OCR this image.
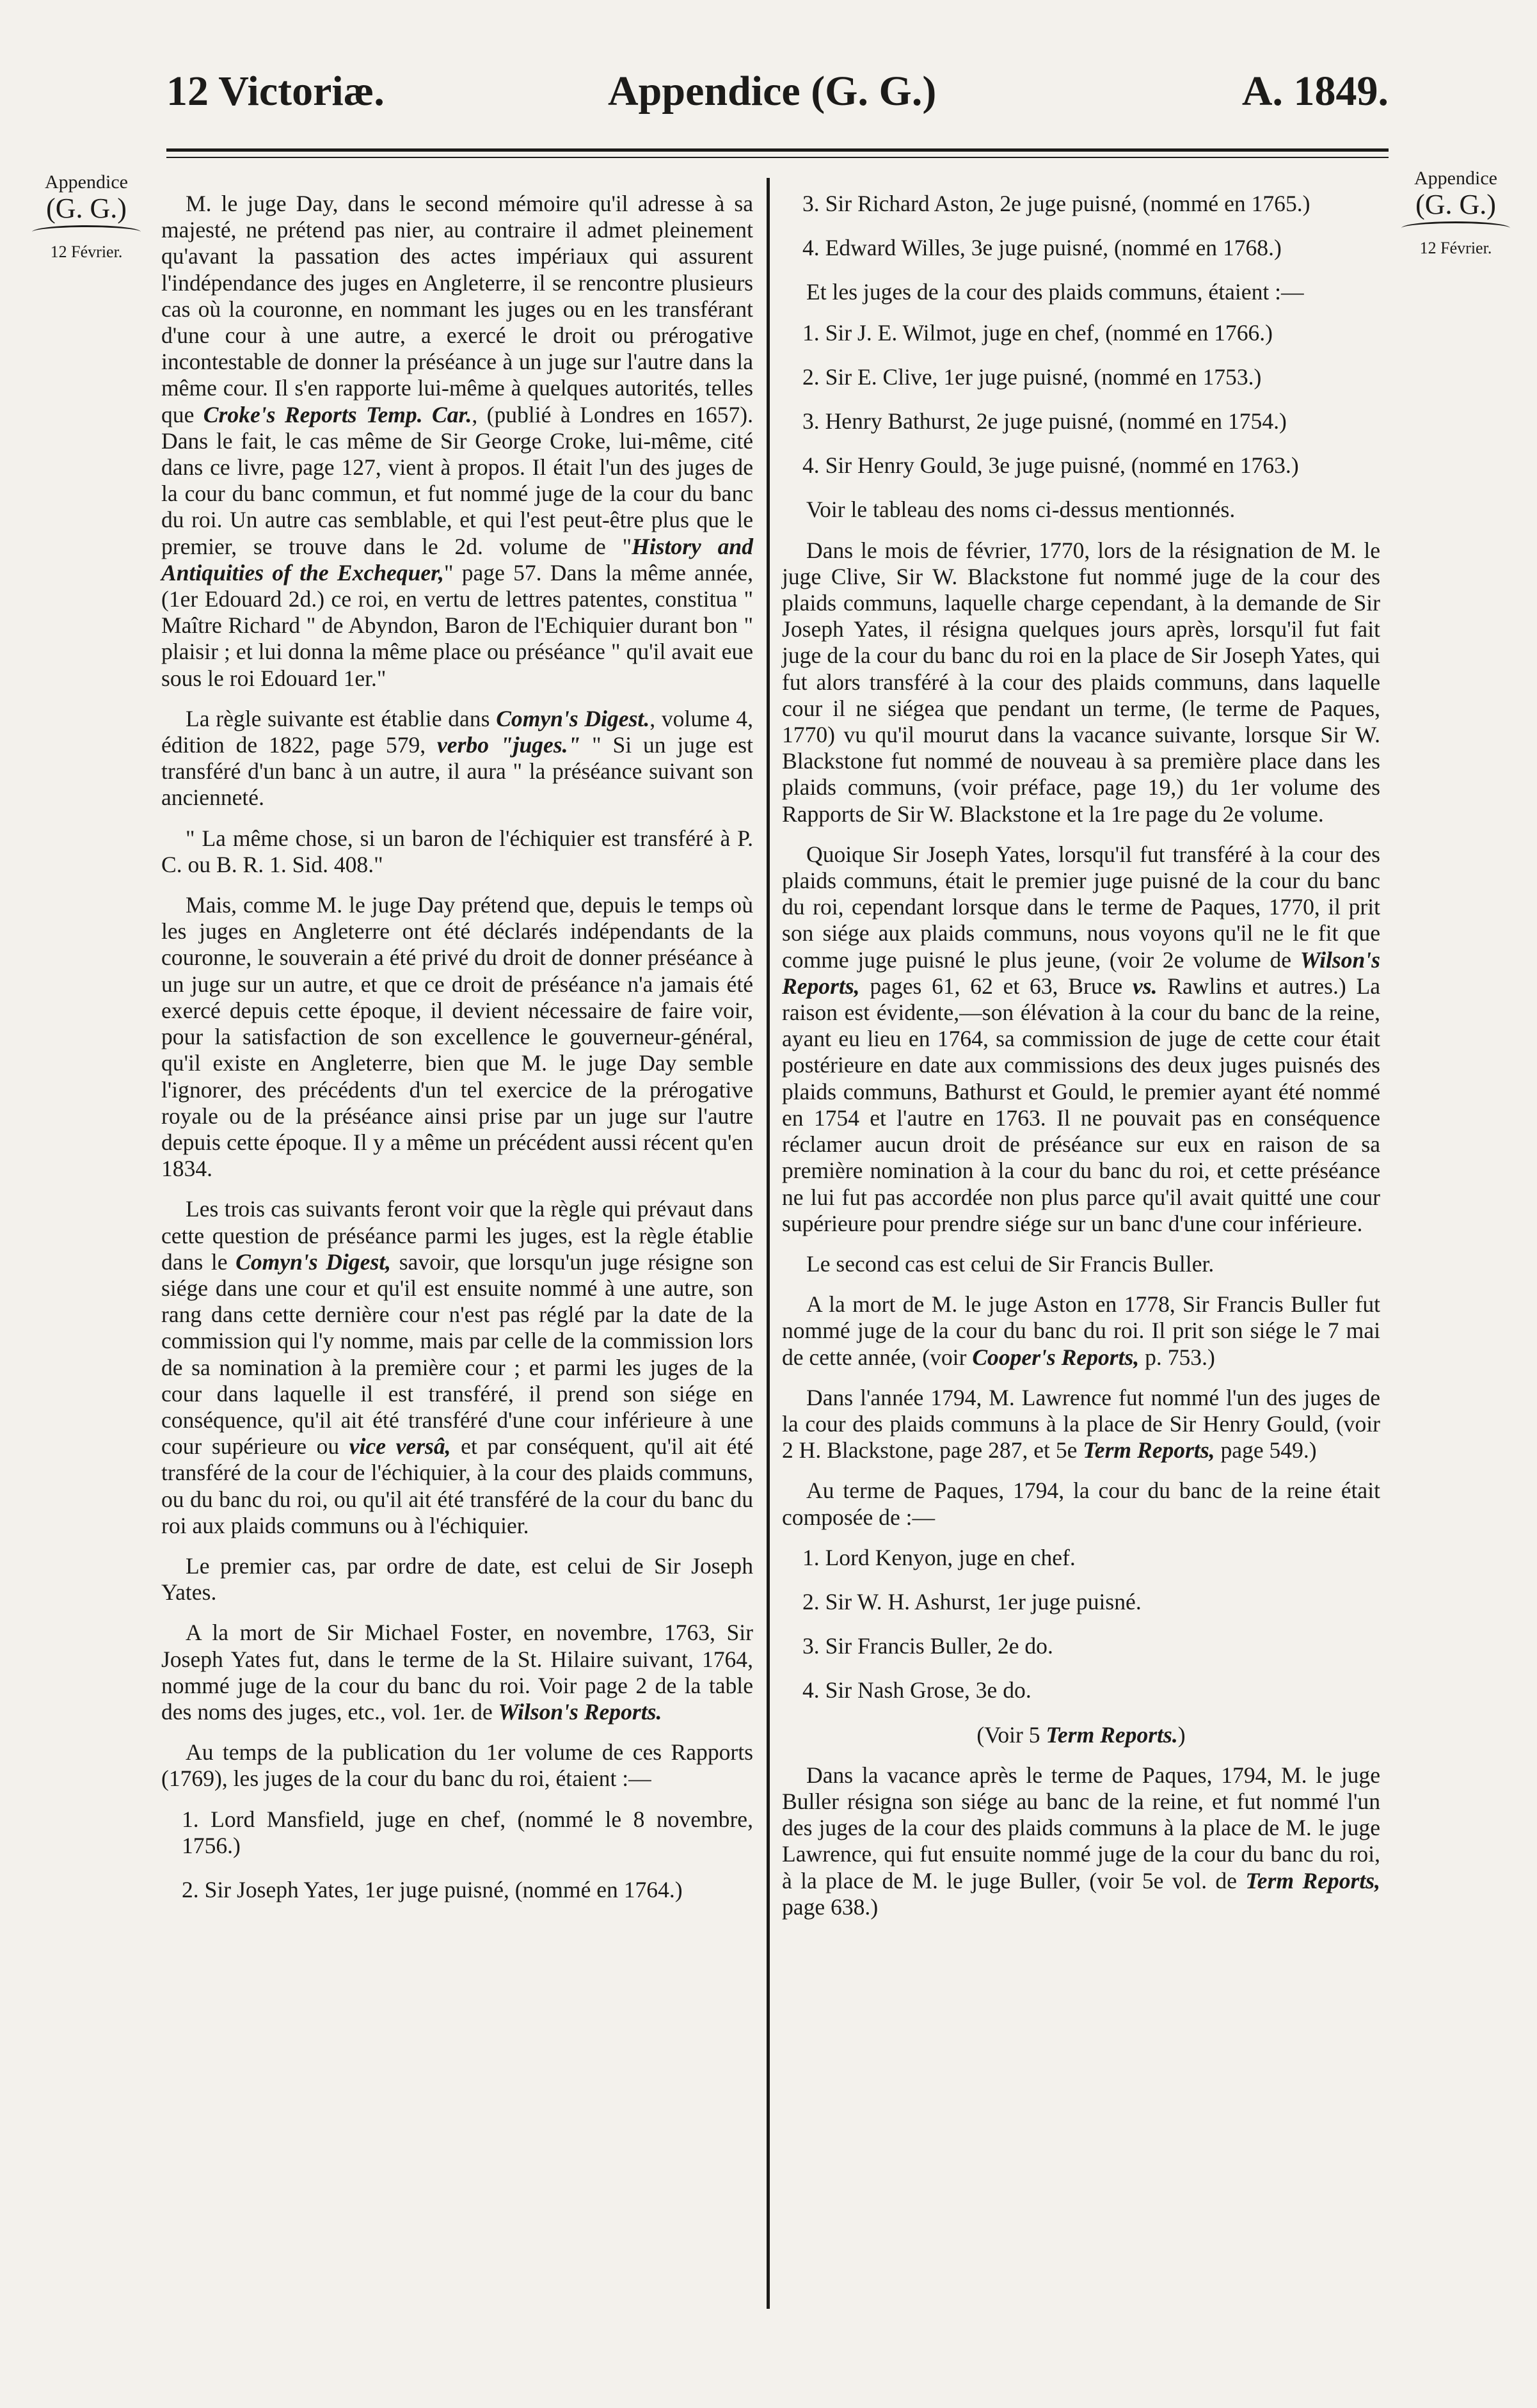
12 Victoriæ.	Appendice (G. G.)	A. 1849.
Appendice
(G. G.)
12 Février.
Appendice
(G. G.)
12 Février.

M. le juge Day, dans le second mémoire qu'il adresse à sa majesté, ne prétend pas nier, au contraire il admet pleinement qu'avant la passation des actes impériaux qui assurent l'indépendance des juges en Angleterre, il se rencontre plusieurs cas où la couronne, en nommant les juges ou en les transférant d'une cour à une autre, a exercé le droit ou prérogative incontestable de donner la préséance à un juge sur l'autre dans la même cour. Il s'en rapporte lui-même à quelques autorités, telles que Croke's Reports Temp. Car., (publié à Londres en 1657). Dans le fait, le cas même de Sir George Croke, lui-même, cité dans ce livre, page 127, vient à propos. Il était l'un des juges de la cour du banc commun, et fut nommé juge de la cour du banc du roi. Un autre cas semblable, et qui l'est peut-être plus que le premier, se trouve dans le 2d. volume de "History and Antiquities of the Exchequer," page 57. Dans la même année, (1er Edouard 2d.) ce roi, en vertu de lettres patentes, constitua " Maître Richard " de Abyndon, Baron de l'Echiquier durant bon " plaisir ; et lui donna la même place ou préséance " qu'il avait eue sous le roi Edouard 1er."

La règle suivante est établie dans Comyn's Digest., volume 4, édition de 1822, page 579, verbo "juges." " Si un juge est transféré d'un banc à un autre, il aura " la préséance suivant son ancienneté.

" La même chose, si un baron de l'échiquier est transféré à P. C. ou B. R. 1. Sid. 408."

Mais, comme M. le juge Day prétend que, depuis le temps où les juges en Angleterre ont été déclarés indépendants de la couronne, le souverain a été privé du droit de donner préséance à un juge sur un autre, et que ce droit de préséance n'a jamais été exercé depuis cette époque, il devient nécessaire de faire voir, pour la satisfaction de son excellence le gouverneur-général, qu'il existe en Angleterre, bien que M. le juge Day semble l'ignorer, des précédents d'un tel exercice de la prérogative royale ou de la préséance ainsi prise par un juge sur l'autre depuis cette époque. Il y a même un précédent aussi récent qu'en 1834.

Les trois cas suivants feront voir que la règle qui prévaut dans cette question de préséance parmi les juges, est la règle établie dans le Comyn's Digest, savoir, que lorsqu'un juge résigne son siége dans une cour et qu'il est ensuite nommé à une autre, son rang dans cette dernière cour n'est pas réglé par la date de la commission qui l'y nomme, mais par celle de la commission lors de sa nomination à la première cour ; et parmi les juges de la cour dans laquelle il est transféré, il prend son siége en conséquence, qu'il ait été transféré d'une cour inférieure à une cour supérieure ou vice versâ, et par conséquent, qu'il ait été transféré de la cour de l'échiquier, à la cour des plaids communs, ou du banc du roi, ou qu'il ait été transféré de la cour du banc du roi aux plaids communs ou à l'échiquier.

Le premier cas, par ordre de date, est celui de Sir Joseph Yates.

A la mort de Sir Michael Foster, en novembre, 1763, Sir Joseph Yates fut, dans le terme de la St. Hilaire suivant, 1764, nommé juge de la cour du banc du roi. Voir page 2 de la table des noms des juges, etc., vol. 1er. de Wilson's Reports.

Au temps de la publication du 1er volume de ces Rapports (1769), les juges de la cour du banc du roi, étaient :—

1. Lord Mansfield, juge en chef, (nommé le 8 novembre, 1756.)

2. Sir Joseph Yates, 1er juge puisné, (nommé en 1764.)

3. Sir Richard Aston, 2e juge puisné, (nommé en 1765.)

4. Edward Willes, 3e juge puisné, (nommé en 1768.)

Et les juges de la cour des plaids communs, étaient :—

1. Sir J. E. Wilmot, juge en chef, (nommé en 1766.)

2. Sir E. Clive, 1er juge puisné, (nommé en 1753.)

3. Henry Bathurst, 2e juge puisné, (nommé en 1754.)

4. Sir Henry Gould, 3e juge puisné, (nommé en 1763.)

Voir le tableau des noms ci-dessus mentionnés.

Dans le mois de février, 1770, lors de la résignation de M. le juge Clive, Sir W. Blackstone fut nommé juge de la cour des plaids communs, laquelle charge cependant, à la demande de Sir Joseph Yates, il résigna quelques jours après, lorsqu'il fut fait juge de la cour du banc du roi en la place de Sir Joseph Yates, qui fut alors transféré à la cour des plaids communs, dans laquelle cour il ne siégea que pendant un terme, (le terme de Paques, 1770) vu qu'il mourut dans la vacance suivante, lorsque Sir W. Blackstone fut nommé de nouveau à sa première place dans les plaids communs, (voir préface, page 19,) du 1er volume des Rapports de Sir W. Blackstone et la 1re page du 2e volume.

Quoique Sir Joseph Yates, lorsqu'il fut transféré à la cour des plaids communs, était le premier juge puisné de la cour du banc du roi, cependant lorsque dans le terme de Paques, 1770, il prit son siége aux plaids communs, nous voyons qu'il ne le fit que comme juge puisné le plus jeune, (voir 2e volume de Wilson's Reports, pages 61, 62 et 63, Bruce vs. Rawlins et autres.) La raison est évidente,—son élévation à la cour du banc de la reine, ayant eu lieu en 1764, sa commission de juge de cette cour était postérieure en date aux commissions des deux juges puisnés des plaids communs, Bathurst et Gould, le premier ayant été nommé en 1754 et l'autre en 1763. Il ne pouvait pas en conséquence réclamer aucun droit de préséance sur eux en raison de sa première nomination à la cour du banc du roi, et cette préséance ne lui fut pas accordée non plus parce qu'il avait quitté une cour supérieure pour prendre siége sur un banc d'une cour inférieure.

Le second cas est celui de Sir Francis Buller.

A la mort de M. le juge Aston en 1778, Sir Francis Buller fut nommé juge de la cour du banc du roi. Il prit son siége le 7 mai de cette année, (voir Cooper's Reports, p. 753.)

Dans l'année 1794, M. Lawrence fut nommé l'un des juges de la cour des plaids communs à la place de Sir Henry Gould, (voir 2 H. Blackstone, page 287, et 5e Term Reports, page 549.)

Au terme de Paques, 1794, la cour du banc de la reine était composée de :—

1. Lord Kenyon, juge en chef.

2. Sir W. H. Ashurst, 1er juge puisné.

3. Sir Francis Buller, 2e do.

4. Sir Nash Grose, 3e do.

(Voir 5 Term Reports.)

Dans la vacance après le terme de Paques, 1794, M. le juge Buller résigna son siége au banc de la reine, et fut nommé l'un des juges de la cour des plaids communs à la place de M. le juge Lawrence, qui fut ensuite nommé juge de la cour du banc du roi, à la place de M. le juge Buller, (voir 5e vol. de Term Reports, page 638.)
